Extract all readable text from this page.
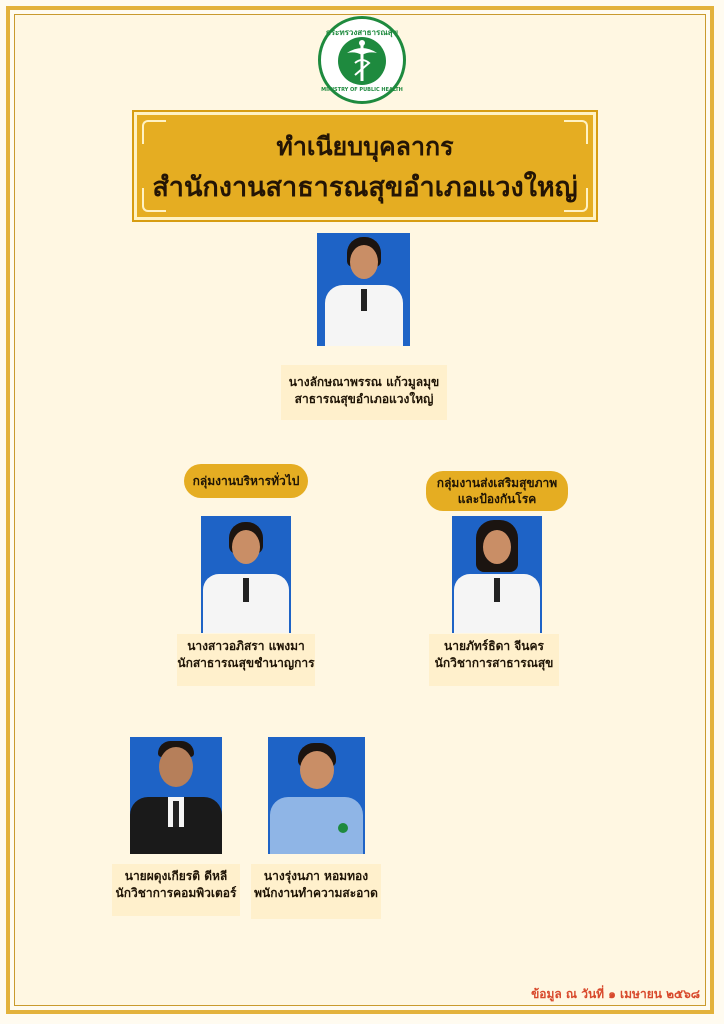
กระทรวงสาธารณสุข
MINISTRY OF PUBLIC HEALTH
ทำเนียบบุคลากร
สำนักงานสาธารณสุขอำเภอแวงใหญ่
นางลักษณาพรรณ แก้วมูลมุข
สาธารณสุขอำเภอแวงใหญ่
กลุ่มงานบริหารทั่วไป	กลุ่มงานส่งเสริมสุขภาพ
และป้องกันโรค
นางสาวอภิสรา แพงมา
นักสาธารณสุขชำนาญการ
นายภัทร์ธิดา จีนคร
นักวิชาการสาธารณสุข
นายผดุงเกียรติ ดีหลี
นักวิชาการคอมพิวเตอร์
นางรุ่งนภา หอมทอง
พนักงานทำความสะอาด
ข้อมูล ณ วันที่ ๑ เมษายน ๒๕๖๘
